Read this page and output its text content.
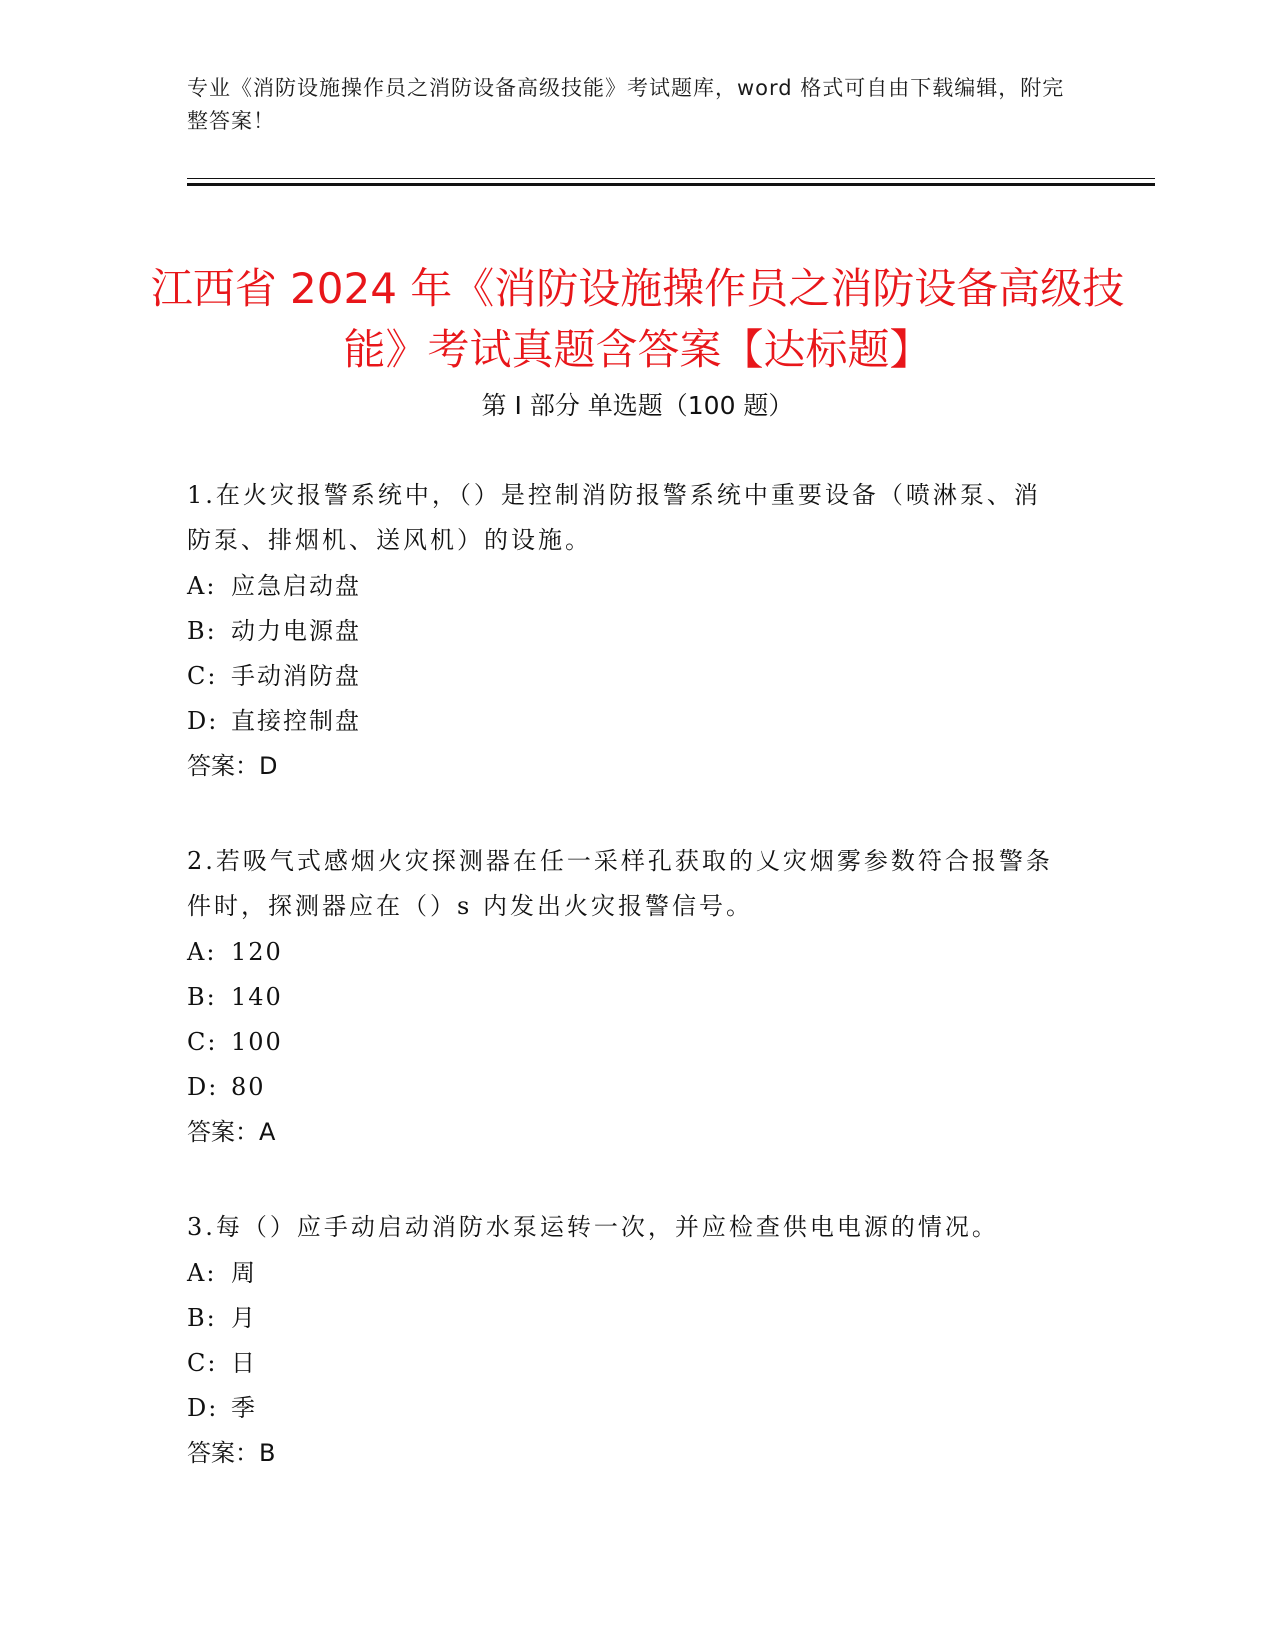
专业《消防设施操作员之消防设备高级技能》考试题库，word 格式可自由下载编辑，附完整答案！
江西省 2024 年《消防设施操作员之消防设备高级技能》考试真题含答案【达标题】
第 I 部分 单选题（100 题）

1.在火灾报警系统中，（）是控制消防报警系统中重要设备（喷淋泵、消防泵、排烟机、送风机）的设施。

A: 应急启动盘
B: 动力电源盘
C: 手动消防盘
D: 直接控制盘
答案：D

2.若吸气式感烟火灾探测器在任一采样孔获取的乂灾烟雾参数符合报警条件时，探测器应在（）s 内发出火灾报警信号。

A: 120
B: 140
C: 100
D: 80
答案：A

3.每（）应手动启动消防水泵运转一次，并应检查供电电源的情况。

A: 周
B: 月
C: 日
D: 季
答案：B
